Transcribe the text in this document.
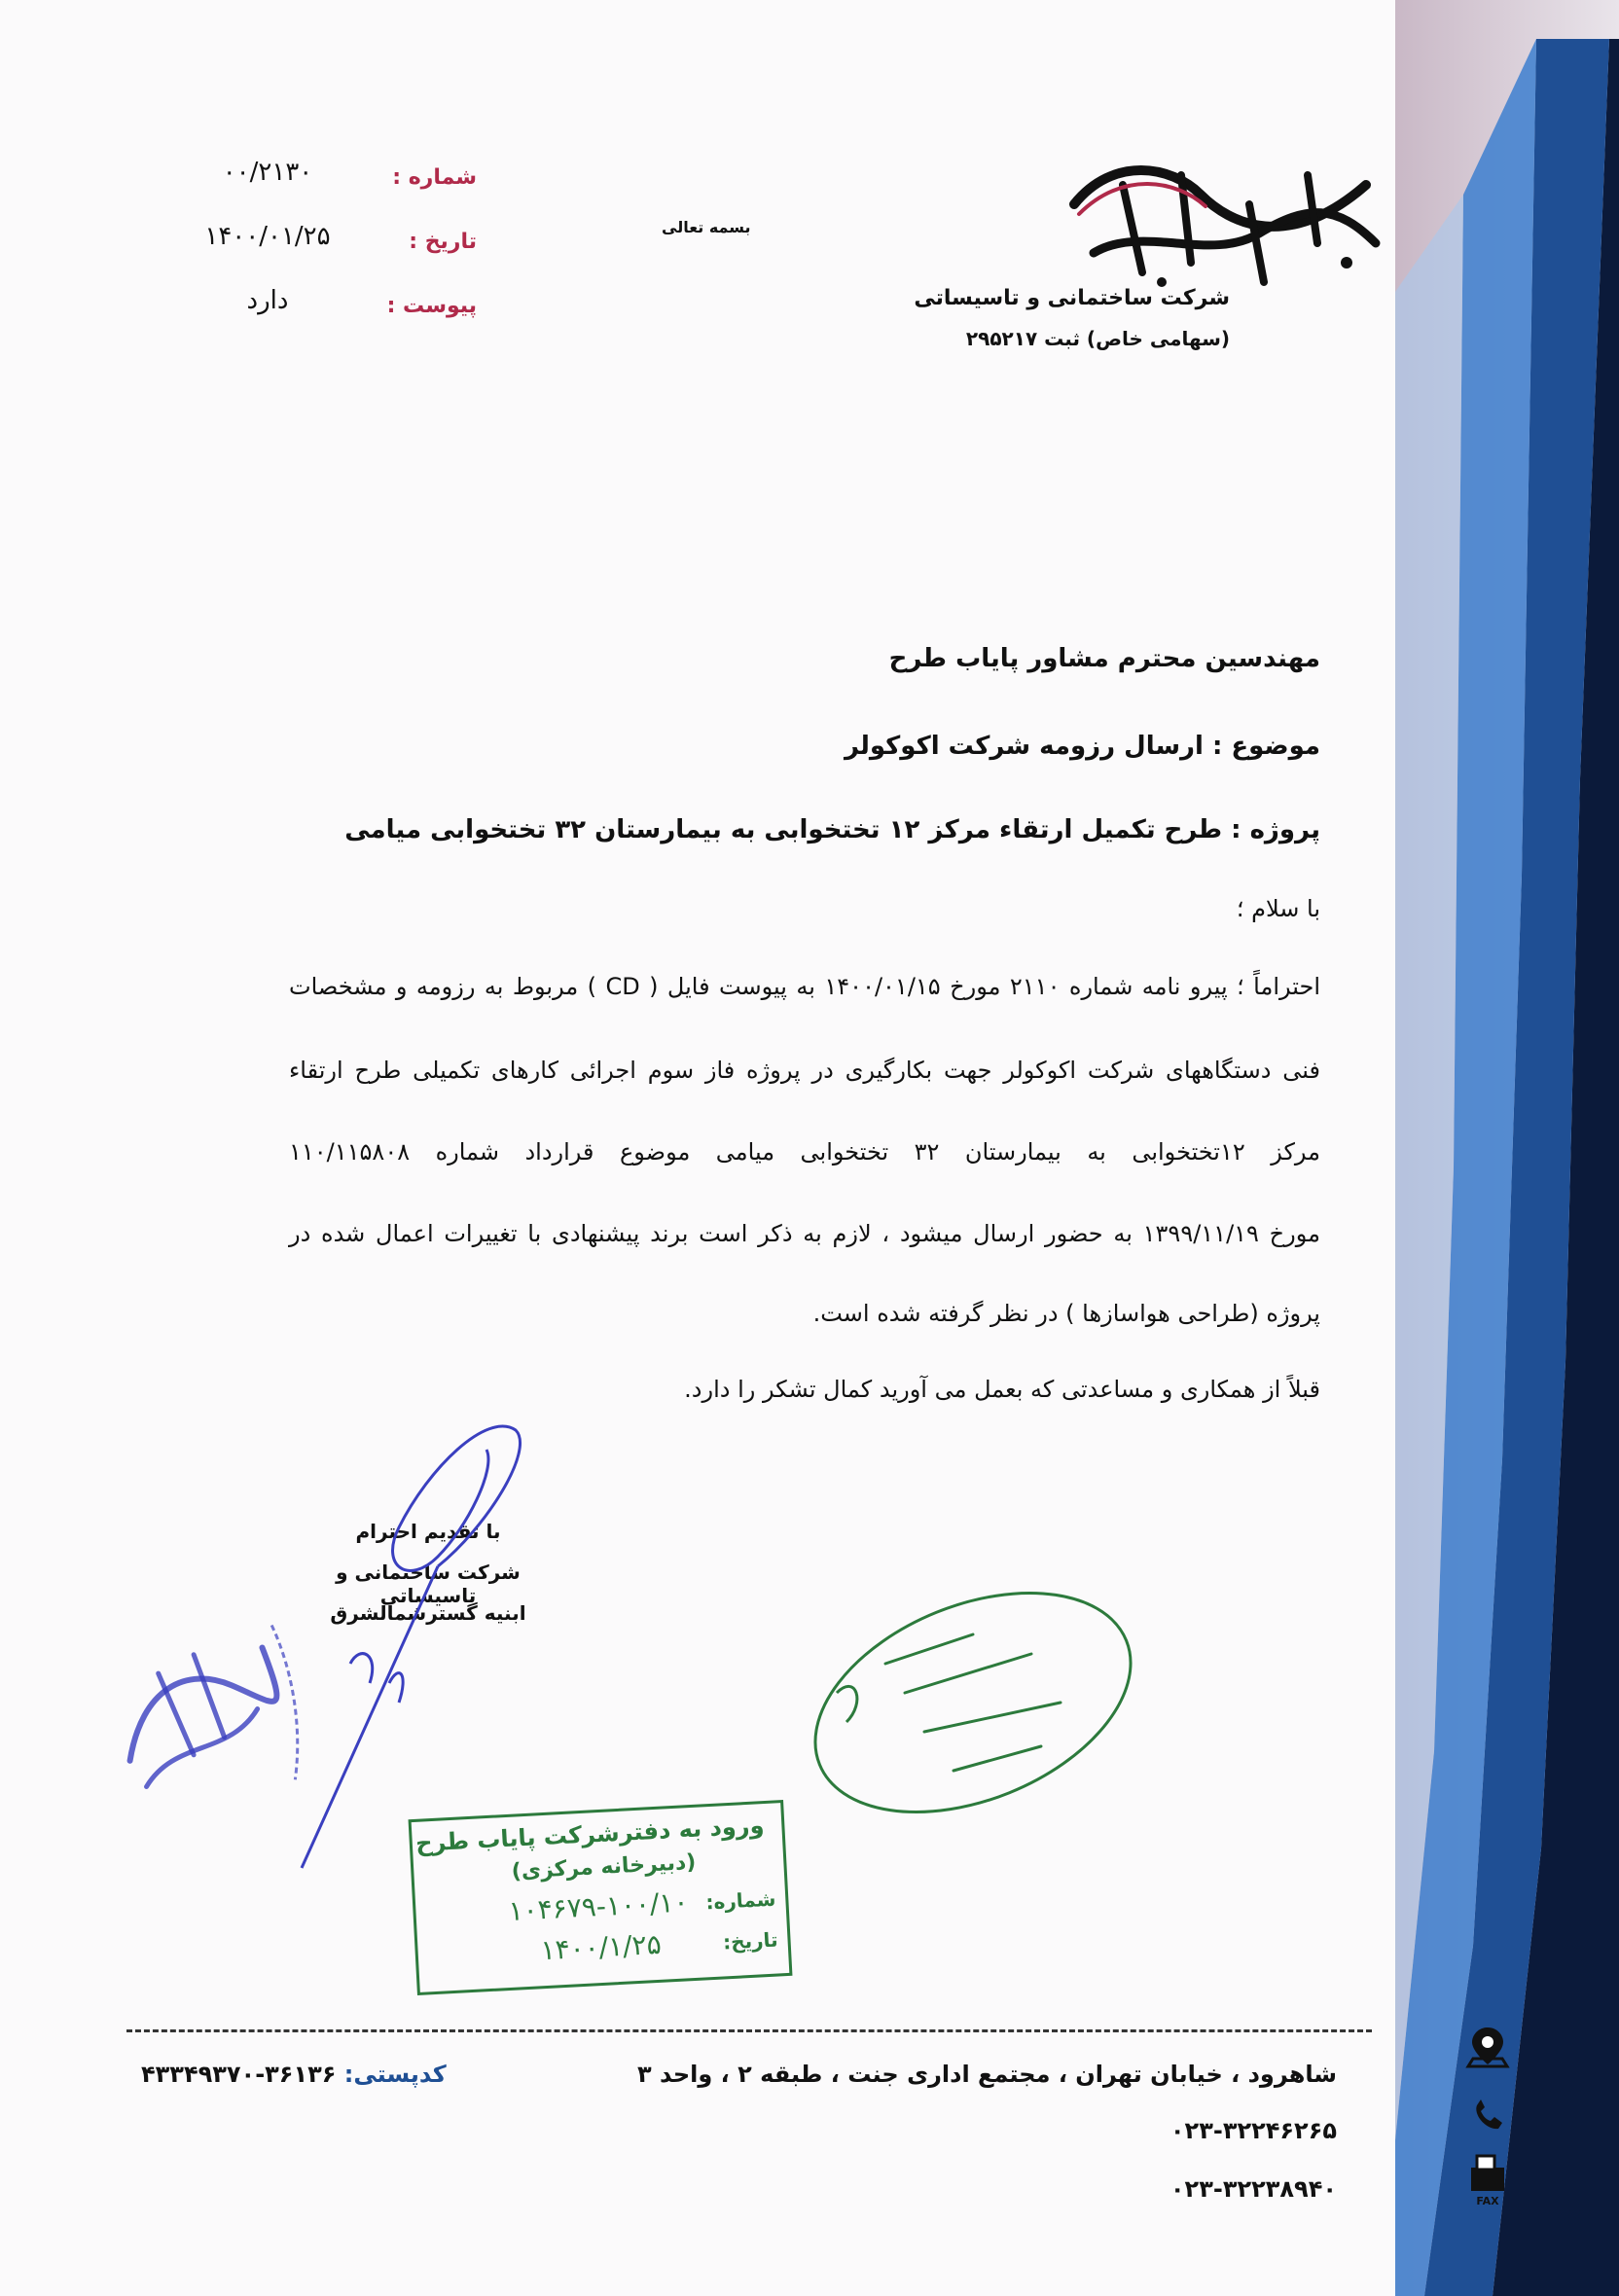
شرکت ساختمانی و تاسیساتی
(سهامی خاص) ثبت ۲۹۵۲۱۷
بسمه تعالی
شماره :
۰۰/۲۱۳۰
تاریخ :
۱۴۰۰/۰۱/۲۵
پیوست :
دارد
مهندسین محترم مشاور پایاب طرح
موضوع : ارسال رزومه شرکت اکوکولر
پروژه : طرح تکمیل ارتقاء مرکز ۱۲ تختخوابی به بیمارستان ۳۲ تختخوابی میامی
با سلام ؛
احتراماً ؛ پیرو نامه شماره ۲۱۱۰ مورخ ۱۴۰۰/۰۱/۱۵ به پیوست فایل ( CD ) مربوط به رزومه و مشخصات
فنی دستگاههای شرکت اکوکولر جهت بکارگیری در پروژه فاز سوم اجرائی کارهای تکمیلی طرح ارتقاء
مرکز ۱۲تختخوابی به بیمارستان ۳۲ تختخوابی میامی موضوع قرارداد شماره ۱۱۰/۱۱۵۸۰۸
مورخ ۱۳۹۹/۱۱/۱۹ به حضور ارسال میشود ، لازم به ذکر است برند پیشنهادی با تغییرات اعمال شده در
پروژه (طراحی هواسازها ) در نظر گرفته شده است.
قبلاً از همکاری و مساعدتی که بعمل می آورید کمال تشکر را دارد.
با تقدیم احترام
شرکت ساختمانی و تاسیساتی
ابنیه گسترشمالشرق
ورود به دفترشرکت پایاب طرح
(دبیرخانه مرکزی)
شماره:
۱۰۴۶۷۹-۱۰۰/۱۰
تاریخ:
۱۴۰۰/۱/۲۵
شاهرود ، خیابان تهران ، مجتمع اداری جنت ، طبقه ۲ ، واحد ۳
کدپستی: ۳۶۱۳۶-۴۳۳۴۹۳۷۰
۰۲۳-۳۲۲۴۶۲۶۵
FAX
۰۲۳-۳۲۲۳۸۹۴۰
